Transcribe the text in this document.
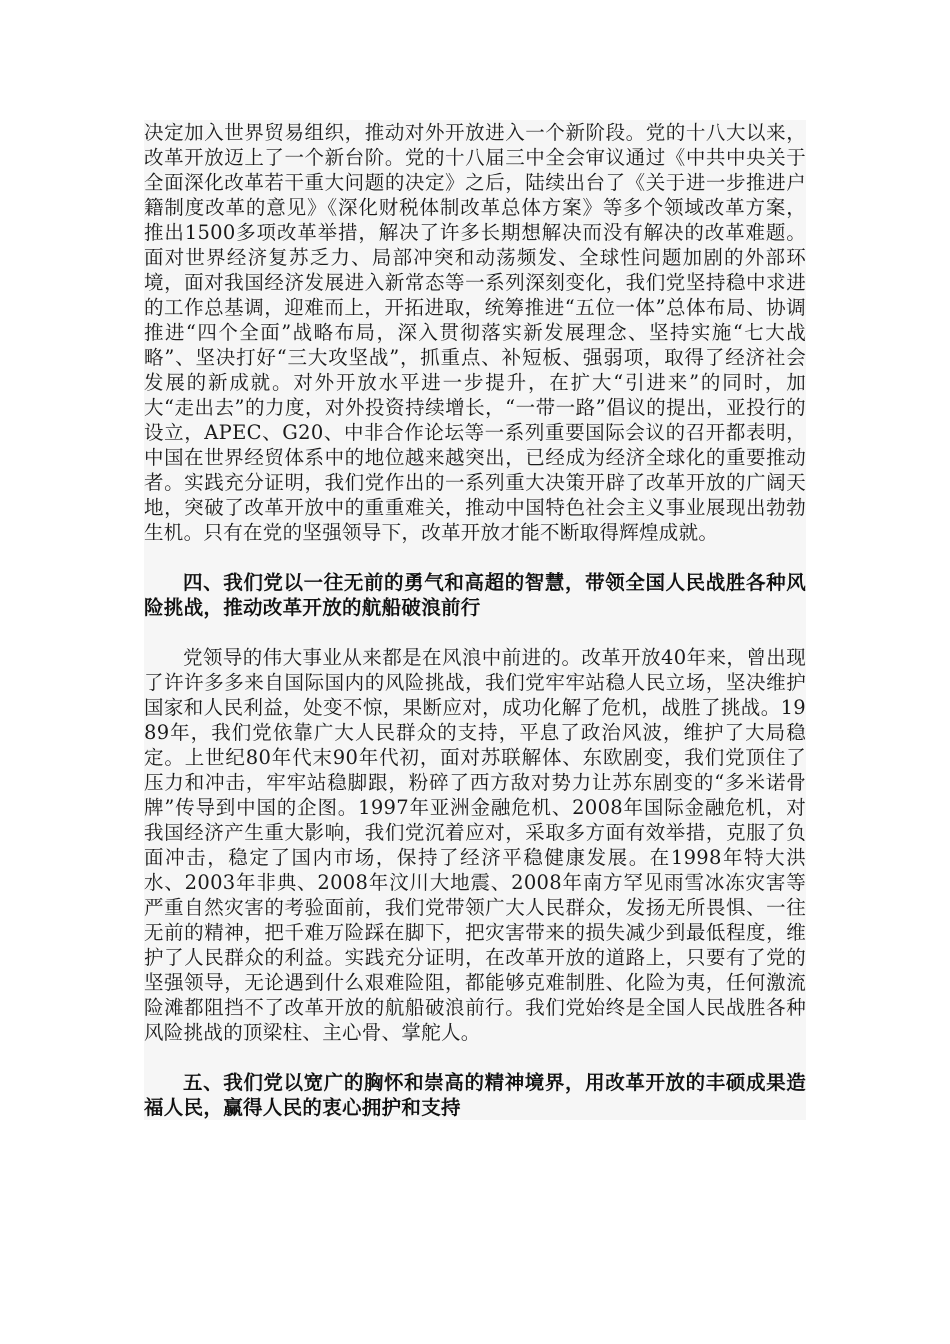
决定加入世界贸易组织，推动对外开放进入一个新阶段。党的十八大以来，改革开放迈上了一个新台阶。党的十八届三中全会审议通过《中共中央关于全面深化改革若干重大问题的决定》之后，陆续出台了《关于进一步推进户籍制度改革的意见》《深化财税体制改革总体方案》等多个领域改革方案，推出1500多项改革举措，解决了许多长期想解决而没有解决的改革难题。面对世界经济复苏乏力、局部冲突和动荡频发、全球性问题加剧的外部环境，面对我国经济发展进入新常态等一系列深刻变化，我们党坚持稳中求进的工作总基调，迎难而上，开拓进取，统筹推进“五位一体”总体布局、协调推进“四个全面”战略布局，深入贯彻落实新发展理念、坚持实施“七大战略”、坚决打好“三大攻坚战”，抓重点、补短板、强弱项，取得了经济社会发展的新成就。对外开放水平进一步提升，在扩大“引进来”的同时，加大“走出去”的力度，对外投资持续增长，“一带一路”倡议的提出，亚投行的设立，APEC、G20、中非合作论坛等一系列重要国际会议的召开都表明，中国在世界经贸体系中的地位越来越突出，已经成为经济全球化的重要推动者。实践充分证明，我们党作出的一系列重大决策开辟了改革开放的广阔天地，突破了改革开放中的重重难关，推动中国特色社会主义事业展现出勃勃生机。只有在党的坚强领导下，改革开放才能不断取得辉煌成就。

四、我们党以一往无前的勇气和高超的智慧，带领全国人民战胜各种风险挑战，推动改革开放的航船破浪前行

党领导的伟大事业从来都是在风浪中前进的。改革开放40年来，曾出现了许许多多来自国际国内的风险挑战，我们党牢牢站稳人民立场，坚决维护国家和人民利益，处变不惊，果断应对，成功化解了危机，战胜了挑战。1989年，我们党依靠广大人民群众的支持，平息了政治风波，维护了大局稳定。上世纪80年代末90年代初，面对苏联解体、东欧剧变，我们党顶住了压力和冲击，牢牢站稳脚跟，粉碎了西方敌对势力让苏东剧变的“多米诺骨牌”传导到中国的企图。1997年亚洲金融危机、2008年国际金融危机，对我国经济产生重大影响，我们党沉着应对，采取多方面有效举措，克服了负面冲击，稳定了国内市场，保持了经济平稳健康发展。在1998年特大洪水、2003年非典、2008年汶川大地震、2008年南方罕见雨雪冰冻灾害等严重自然灾害的考验面前，我们党带领广大人民群众，发扬无所畏惧、一往无前的精神，把千难万险踩在脚下，把灾害带来的损失减少到最低程度，维护了人民群众的利益。实践充分证明，在改革开放的道路上，只要有了党的坚强领导，无论遇到什么艰难险阻，都能够克难制胜、化险为夷，任何激流险滩都阻挡不了改革开放的航船破浪前行。我们党始终是全国人民战胜各种风险挑战的顶梁柱、主心骨、掌舵人。

五、我们党以宽广的胸怀和崇高的精神境界，用改革开放的丰硕成果造福人民，赢得人民的衷心拥护和支持
